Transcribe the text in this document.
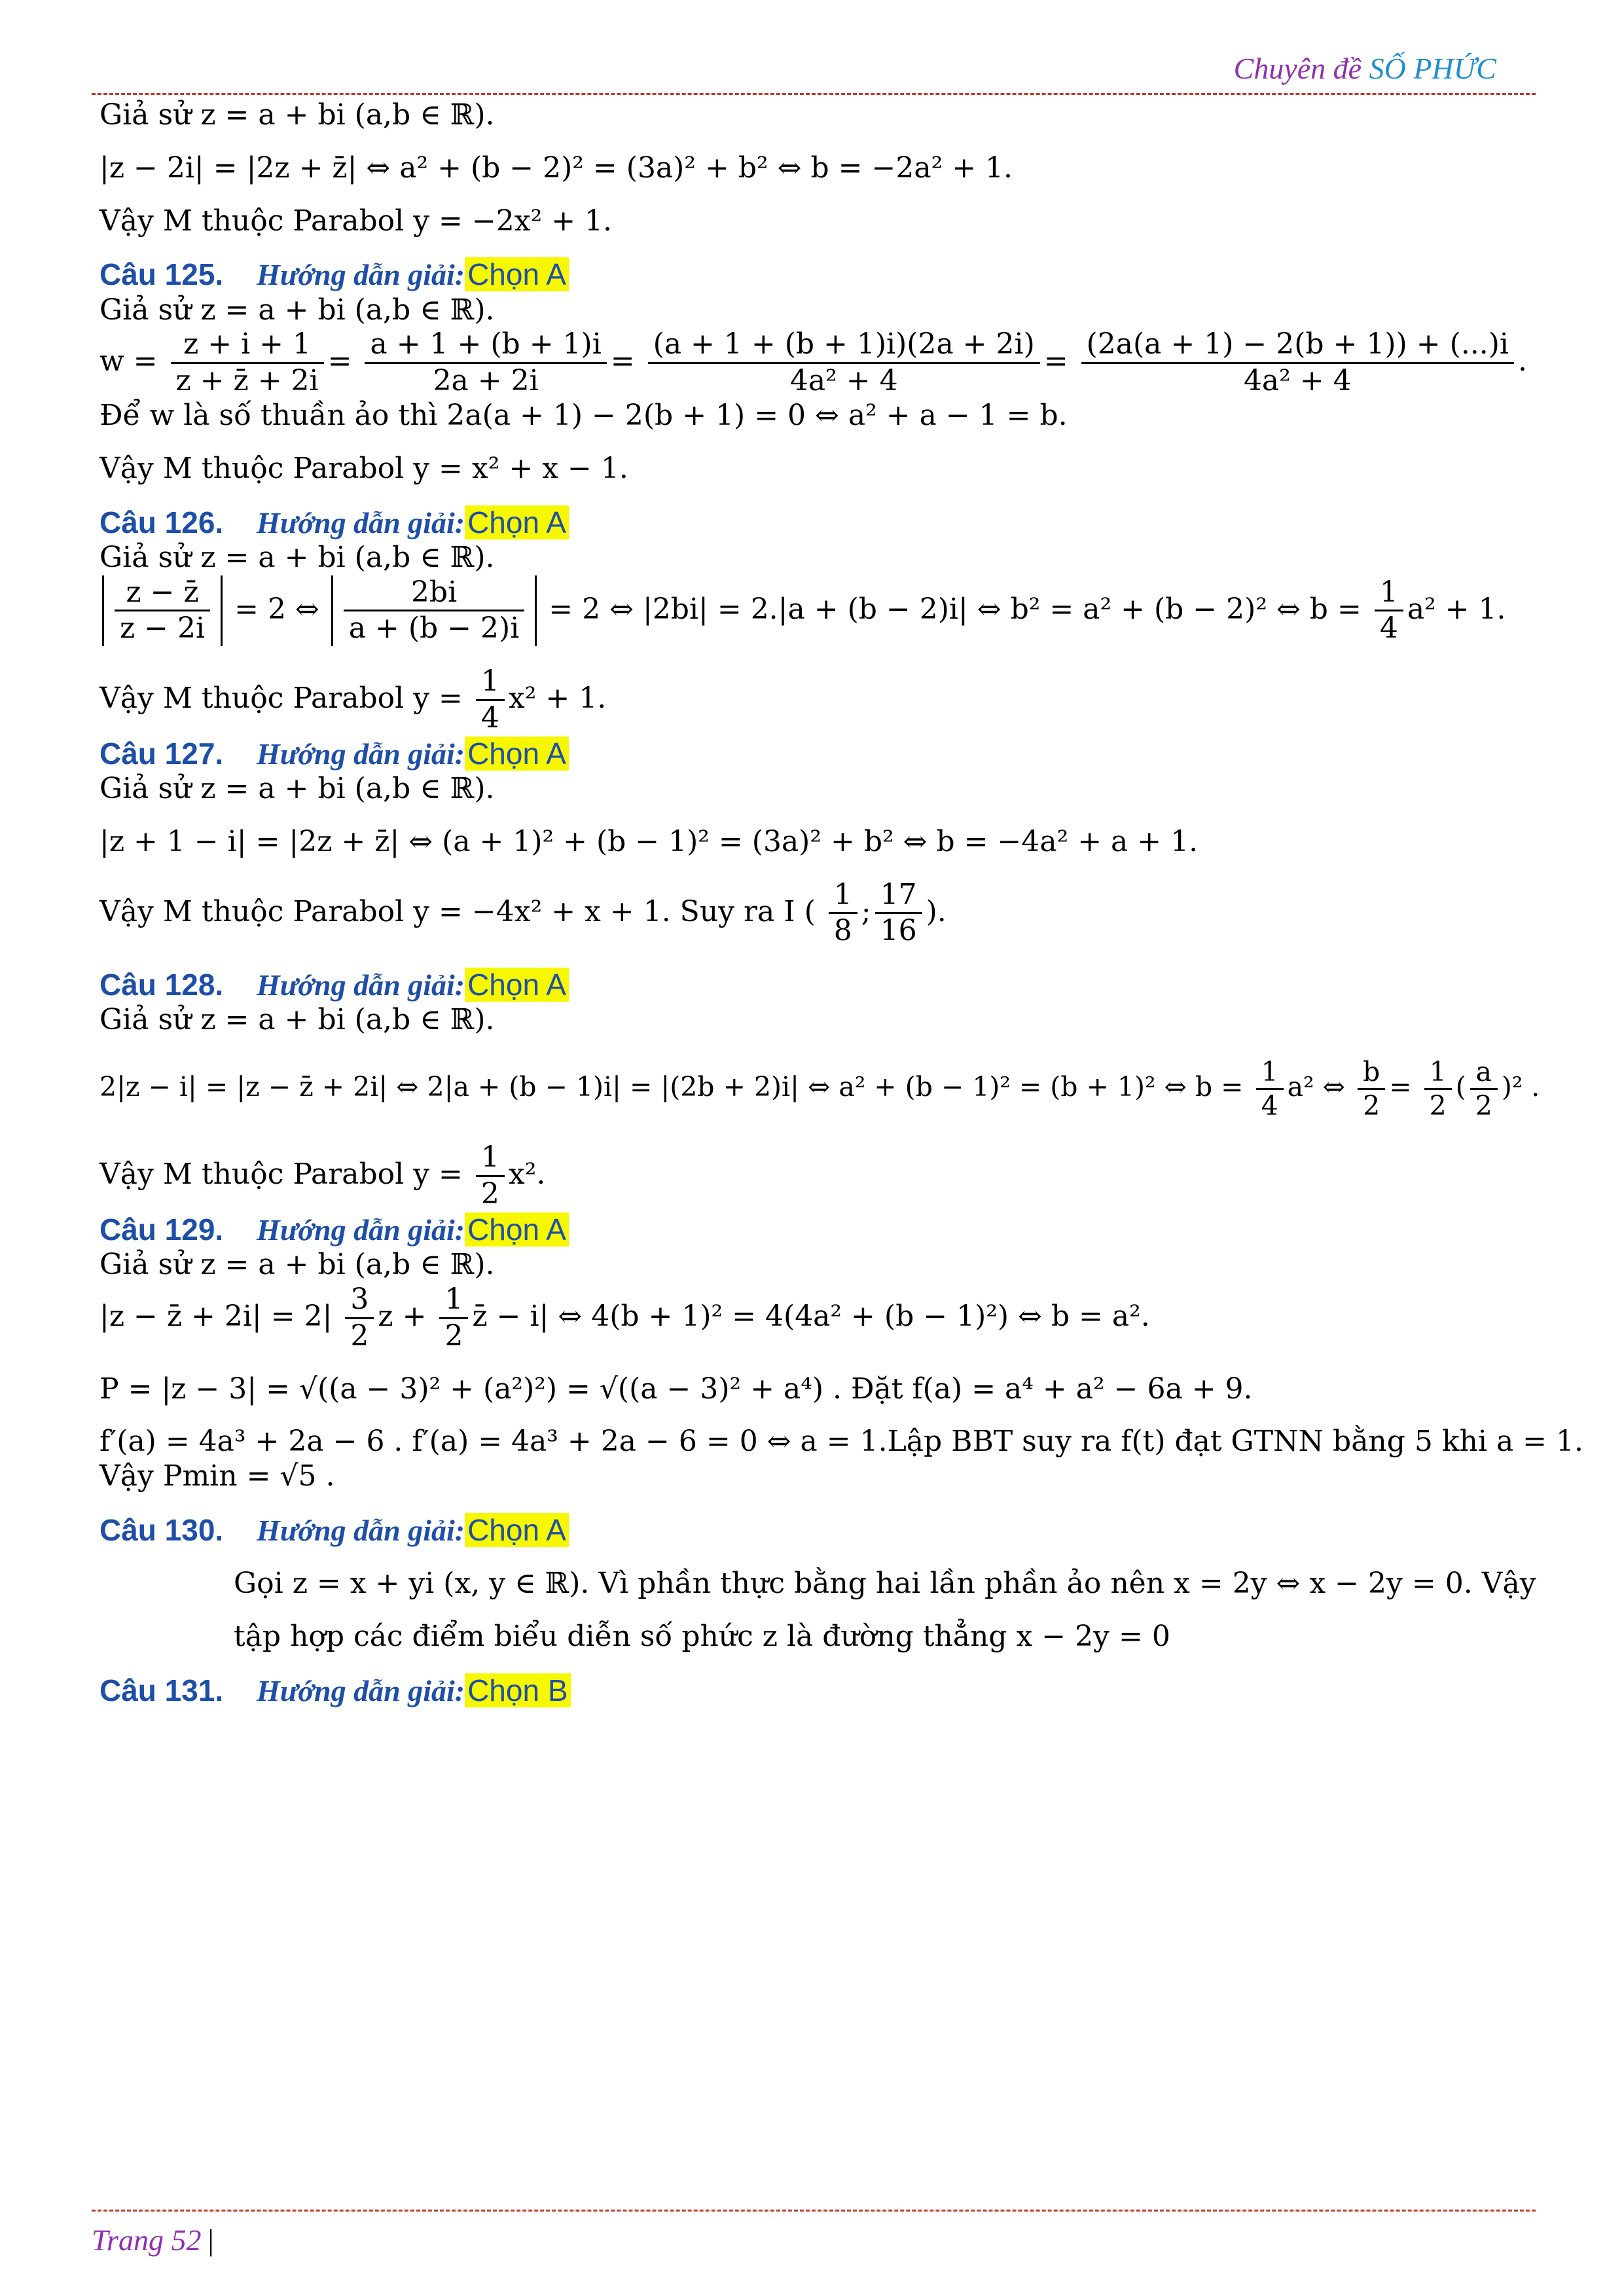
Chuyên đề SỐ PHỨC

Giả sử z = a + bi (a,b ∈ ℝ).

|z − 2i| = |2z + z̄| ⇔ a² + (b − 2)² = (3a)² + b² ⇔ b = −2a² + 1.

Vậy M thuộc Parabol y = −2x² + 1.

Câu 125. Hướng dẫn giải:Chọn A

Giả sử z = a + bi (a,b ∈ ℝ).

$w = \frac{z + i + 1}{z + z̄ + 2i} = \frac{a + 1 + (b + 1)i}{2a + 2i} = \frac{(a + 1 + (b + 1)i)(2a + 2i)}{\text{4a² + 4}} = \frac{(2a(a + 1) - 2(b + 1)) + (...)i}{\text{4a² + 4}}$ .

Để w là số thuần ảo thì 2a(a + 1) − 2(b + 1) = 0 ⇔ a² + a − 1 = b.

Vậy M thuộc Parabol y = x² + x − 1.

Câu 126. Hướng dẫn giải:Chọn A

Giả sử z = a + bi (a,b ∈ ℝ).

$\frac{z - z̄}{z - 2i} = 2$ ⇔ $\frac{2bi}{a + (b - 2)i} = 2$ ⇔ |2bi| = 2.|a + (b − 2)i| ⇔ b² = a² + (b − 2)² ⇔ $b = \frac{1}{4} a^2 + 1$.

Vậy M thuộc Parabol $y = \frac{1}{4} x^2 + 1$.

Câu 127. Hướng dẫn giải:Chọn A

Giả sử z = a + bi (a,b ∈ ℝ).

|z + 1 − i| = |2z + z̄| ⇔ (a + 1)² + (b − 1)² = (3a)² + b² ⇔ b = −4a² + a + 1.

Vậy M thuộc Parabol y = −4x² + x + 1. Suy ra I ( $\frac{1}{8}$ ; $\frac{17}{16}$ ).

Câu 128. Hướng dẫn giải:Chọn A

Giả sử z = a + bi (a,b ∈ ℝ).

2|z − i| = |z − z̄ + 2i| ⇔ 2|a + (b − 1)i| = |(2b + 2)i| ⇔ a² + (b − 1)² = (b + 1)² ⇔ $b = \frac{1}{4} a^2$ ⇔ $\frac{b}{2} = \frac{1}{2}$ ( $\frac{a}{2} )^2$ .

Vậy M thuộc Parabol $y = \frac{1}{2} x^2$.

Câu 129. Hướng dẫn giải:Chọn A

Giả sử z = a + bi (a,b ∈ ℝ).

|z − z̄ + $2i| = 2| \frac{3}{2}$ $z + \frac{1}{2}$ z̄ − i| ⇔ 4(b + 1)² = 4(4a² + (b − 1)²) ⇔ b = a².

P = |z − 3| = √((a − 3)² + (a²)²) = √((a − 3)² + a⁴) . Đặt f(a) = a⁴ + a² − 6a + 9.

f′(a) = 4a³ + 2a − 6 . f′(a) = 4a³ + 2a − 6 = 0 ⇔ a = 1.Lập BBT suy ra f(t) đạt GTNN bằng 5 khi a = 1.

Vậy Pmin = √5 .

Câu 130. Hướng dẫn giải:Chọn A

Gọi z = x + yi (x, y ∈ ℝ). Vì phần thực bằng hai lần phần ảo nên x = 2y ⇔ x − 2y = 0. Vậy

tập hợp các điểm biểu diễn số phức z là đường thẳng x − 2y = 0

Câu 131. Hướng dẫn giải:Chọn B

Trang 52 |
